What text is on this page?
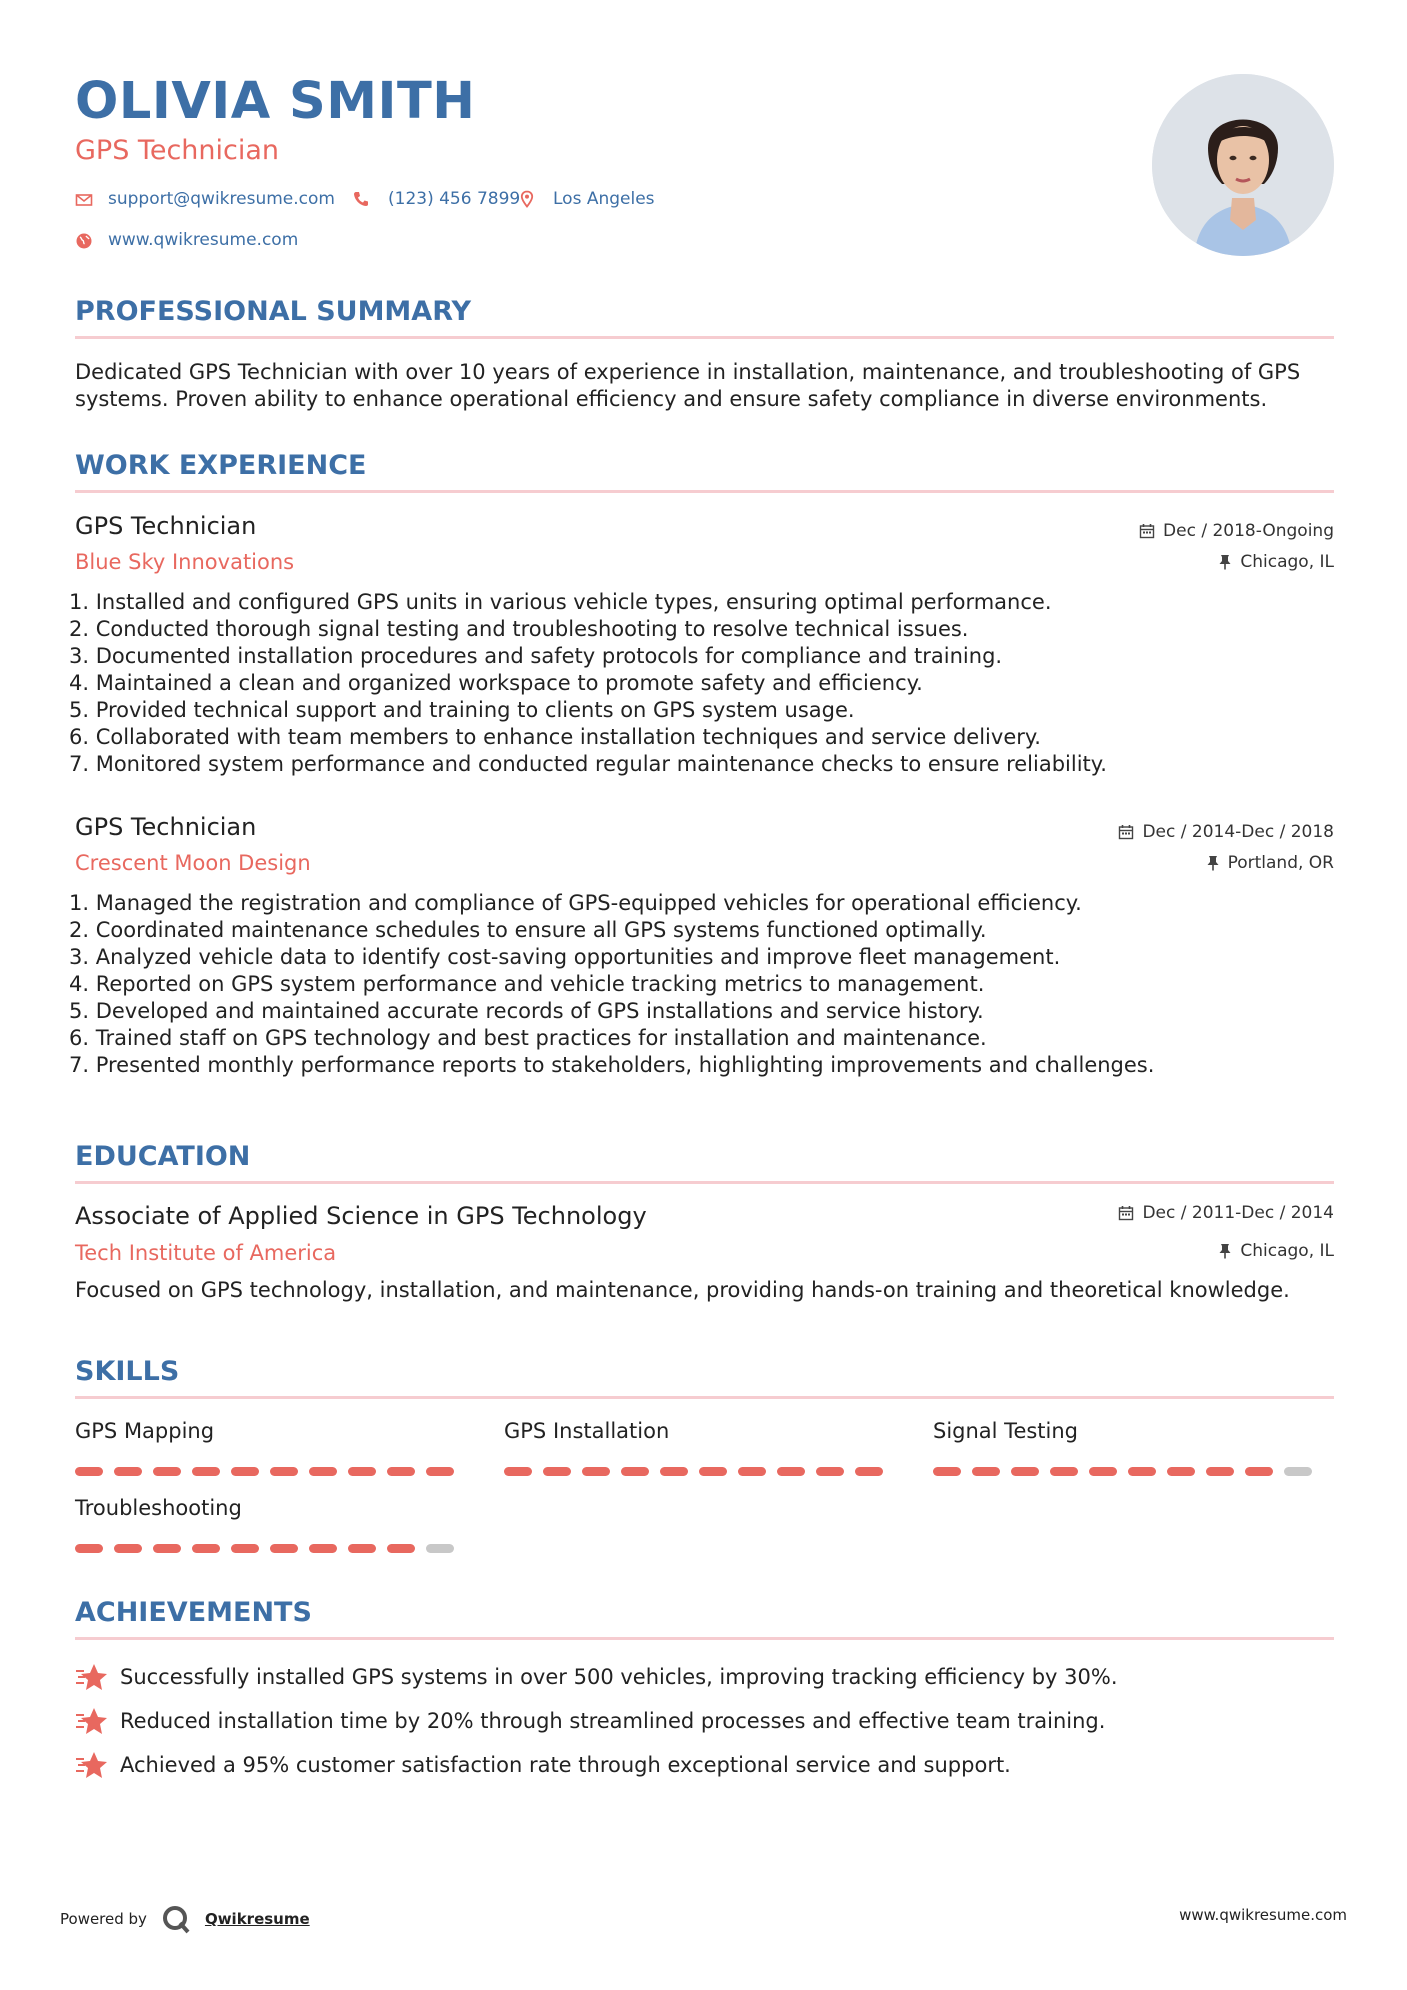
OLIVIA SMITH
GPS Technician
support@qwikresume.com	(123) 456 7899 Los Angeles
www.qwikresume.com
PROFESSIONAL SUMMARY
Dedicated GPS Technician with over 10 years of experience in installation, maintenance, and troubleshooting of GPS systems. Proven ability to enhance operational efficiency and ensure safety compliance in diverse environments.
WORK EXPERIENCE
GPS Technician
Blue Sky Innovations
Dec / 2018-Ongoing
Chicago, IL
1. Installed and configured GPS units in various vehicle types, ensuring optimal performance.
2. Conducted thorough signal testing and troubleshooting to resolve technical issues.
3. Documented installation procedures and safety protocols for compliance and training.
4. Maintained a clean and organized workspace to promote safety and efficiency.
5. Provided technical support and training to clients on GPS system usage.
6. Collaborated with team members to enhance installation techniques and service delivery.
7. Monitored system performance and conducted regular maintenance checks to ensure reliability.
GPS Technician
Crescent Moon Design
Dec / 2014-Dec / 2018
Portland, OR
1. Managed the registration and compliance of GPS-equipped vehicles for operational efficiency.
2. Coordinated maintenance schedules to ensure all GPS systems functioned optimally.
3. Analyzed vehicle data to identify cost-saving opportunities and improve fleet management.
4. Reported on GPS system performance and vehicle tracking metrics to management.
5. Developed and maintained accurate records of GPS installations and service history.
6. Trained staff on GPS technology and best practices for installation and maintenance.
7. Presented monthly performance reports to stakeholders, highlighting improvements and challenges.
EDUCATION
Associate of Applied Science in GPS Technology
Tech Institute of America
Dec / 2011-Dec / 2014
Chicago, IL
Focused on GPS technology, installation, and maintenance, providing hands-on training and theoretical knowledge.
SKILLS
GPS Mapping	GPS Installation	Signal Testing
Troubleshooting
ACHIEVEMENTS
Successfully installed GPS systems in over 500 vehicles, improving tracking efficiency by 30%.
Reduced installation time by 20% through streamlined processes and effective team training.
Achieved a 95% customer satisfaction rate through exceptional service and support.
Powered by	Qwikresume	www.qwikresume.com
